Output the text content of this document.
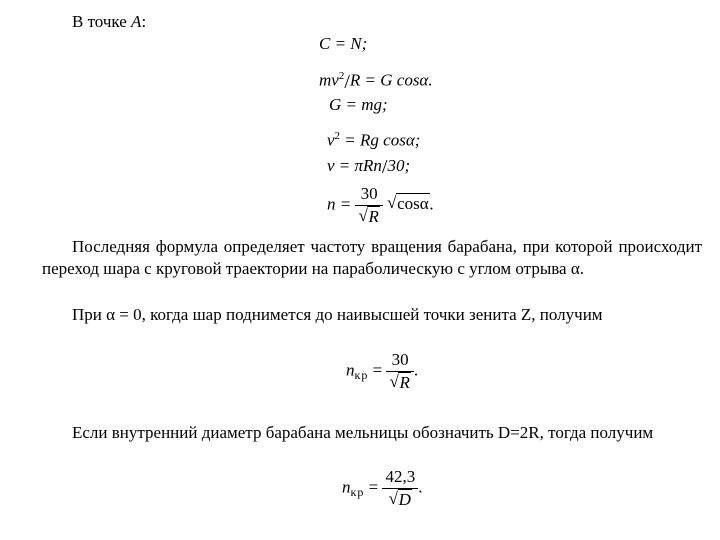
В точке A:
C = N;
$mv^2/R = G$ cosα.
G = mg;
$v^2 = Rg$ cosα;
v = πRn/30;
$n = \frac{30}{√ R}$
√ cosα.
Последняя формула определяет частоту вращения барабана, при которой происходит переход шара с круговой траектории на параболическую с углом отрыва α.
При α = 0, когда шар поднимется до наивысшей точки зенита Z, получим
$n_{кр} = \frac{30}{√ R}$ .
Если внутренний диаметр барабана мельницы обозначить D=2R, тогда получим
$n_{кр} = \frac{42,3}{√ D}$ .
